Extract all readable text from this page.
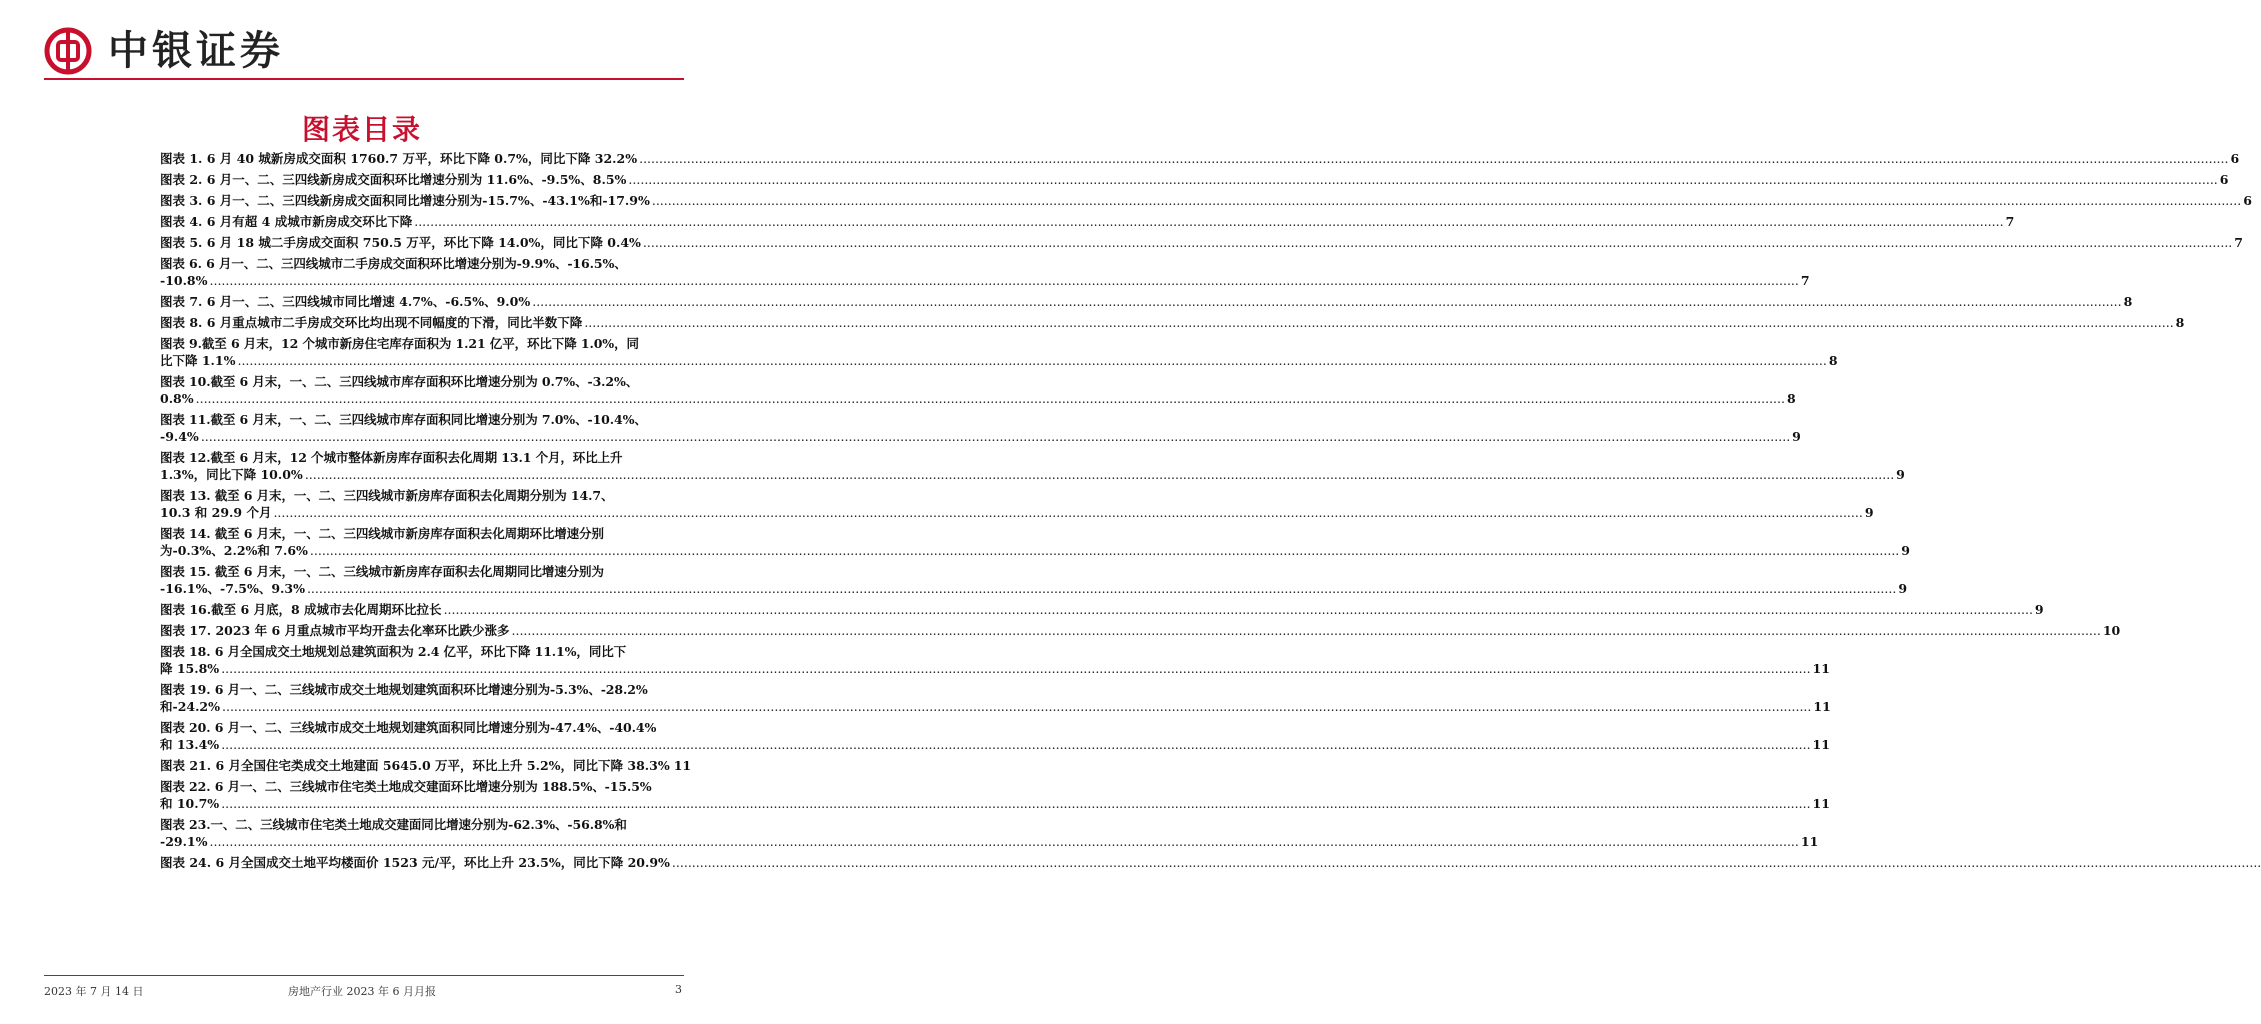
中银证券
图表目录
图表 1. 6 月 40 城新房成交面积 1760.7 万平，环比下降 0.7%，同比下降 32.2% ................................................................................................................................................................................................................................................................................................................................................................................................................ 6
图表 2. 6 月一、二、三四线新房成交面积环比增速分别为 11.6%、-9.5%、8.5% ................................................................................................................................................................................................................................................................................................................................................................................................................ 6
图表 3. 6 月一、二、三四线新房成交面积同比增速分别为-15.7%、-43.1%和-17.9% ................................................................................................................................................................................................................................................................................................................................................................................................................ 6
图表 4. 6 月有超 4 成城市新房成交环比下降 ................................................................................................................................................................................................................................................................................................................................................................................................................ 7
图表 5. 6 月 18 城二手房成交面积 750.5 万平，环比下降 14.0%，同比下降 0.4% ................................................................................................................................................................................................................................................................................................................................................................................................................ 7
图表 6. 6 月一、二、三四线城市二手房成交面积环比增速分别为-9.9%、-16.5%、
-10.8% ................................................................................................................................................................................................................................................................................................................................................................................................................ 7
图表 7. 6 月一、二、三四线城市同比增速 4.7%、-6.5%、9.0% ................................................................................................................................................................................................................................................................................................................................................................................................................ 8
图表 8. 6 月重点城市二手房成交环比均出现不同幅度的下滑，同比半数下降 ................................................................................................................................................................................................................................................................................................................................................................................................................ 8
图表 9.截至 6 月末，12 个城市新房住宅库存面积为 1.21 亿平，环比下降 1.0%，同
比下降 1.1% ................................................................................................................................................................................................................................................................................................................................................................................................................ 8
图表 10.截至 6 月末，一、二、三四线城市库存面积环比增速分别为 0.7%、-3.2%、
0.8% ................................................................................................................................................................................................................................................................................................................................................................................................................ 8
图表 11.截至 6 月末，一、二、三四线城市库存面积同比增速分别为 7.0%、-10.4%、
-9.4% ................................................................................................................................................................................................................................................................................................................................................................................................................ 9
图表 12.截至 6 月末，12 个城市整体新房库存面积去化周期 13.1 个月，环比上升
1.3%，同比下降 10.0% ................................................................................................................................................................................................................................................................................................................................................................................................................ 9
图表 13. 截至 6 月末，一、二、三四线城市新房库存面积去化周期分别为 14.7、
10.3 和 29.9 个月 ................................................................................................................................................................................................................................................................................................................................................................................................................ 9
图表 14. 截至 6 月末，一、二、三四线城市新房库存面积去化周期环比增速分别
为-0.3%、2.2%和 7.6% ................................................................................................................................................................................................................................................................................................................................................................................................................ 9
图表 15. 截至 6 月末，一、二、三线城市新房库存面积去化周期同比增速分别为
-16.1%、-7.5%、9.3% ................................................................................................................................................................................................................................................................................................................................................................................................................ 9
图表 16.截至 6 月底，8 成城市去化周期环比拉长 ................................................................................................................................................................................................................................................................................................................................................................................................................ 9
图表 17. 2023 年 6 月重点城市平均开盘去化率环比跌少涨多 ................................................................................................................................................................................................................................................................................................................................................................................................................ 10
图表 18. 6 月全国成交土地规划总建筑面积为 2.4 亿平，环比下降 11.1%，同比下
降 15.8% ................................................................................................................................................................................................................................................................................................................................................................................................................ 11
图表 19. 6 月一、二、三线城市成交土地规划建筑面积环比增速分别为-5.3%、-28.2%
和-24.2% ................................................................................................................................................................................................................................................................................................................................................................................................................ 11
图表 20. 6 月一、二、三线城市成交土地规划建筑面积同比增速分别为-47.4%、-40.4%
和 13.4% ................................................................................................................................................................................................................................................................................................................................................................................................................ 11
图表 21. 6 月全国住宅类成交土地建面 5645.0 万平，环比上升 5.2%，同比下降 38.3% 11
图表 22. 6 月一、二、三线城市住宅类土地成交建面环比增速分别为 188.5%、-15.5%
和 10.7% ................................................................................................................................................................................................................................................................................................................................................................................................................ 11
图表 23.一、二、三线城市住宅类土地成交建面同比增速分别为-62.3%、-56.8%和
-29.1% ................................................................................................................................................................................................................................................................................................................................................................................................................ 11
图表 24. 6 月全国成交土地平均楼面价 1523 元/平，环比上升 23.5%，同比下降 20.9% ................................................................................................................................................................................................................................................................................................................................................................................................................
2023 年 7 月 14 日	房地产行业 2023 年 6 月月报	3
